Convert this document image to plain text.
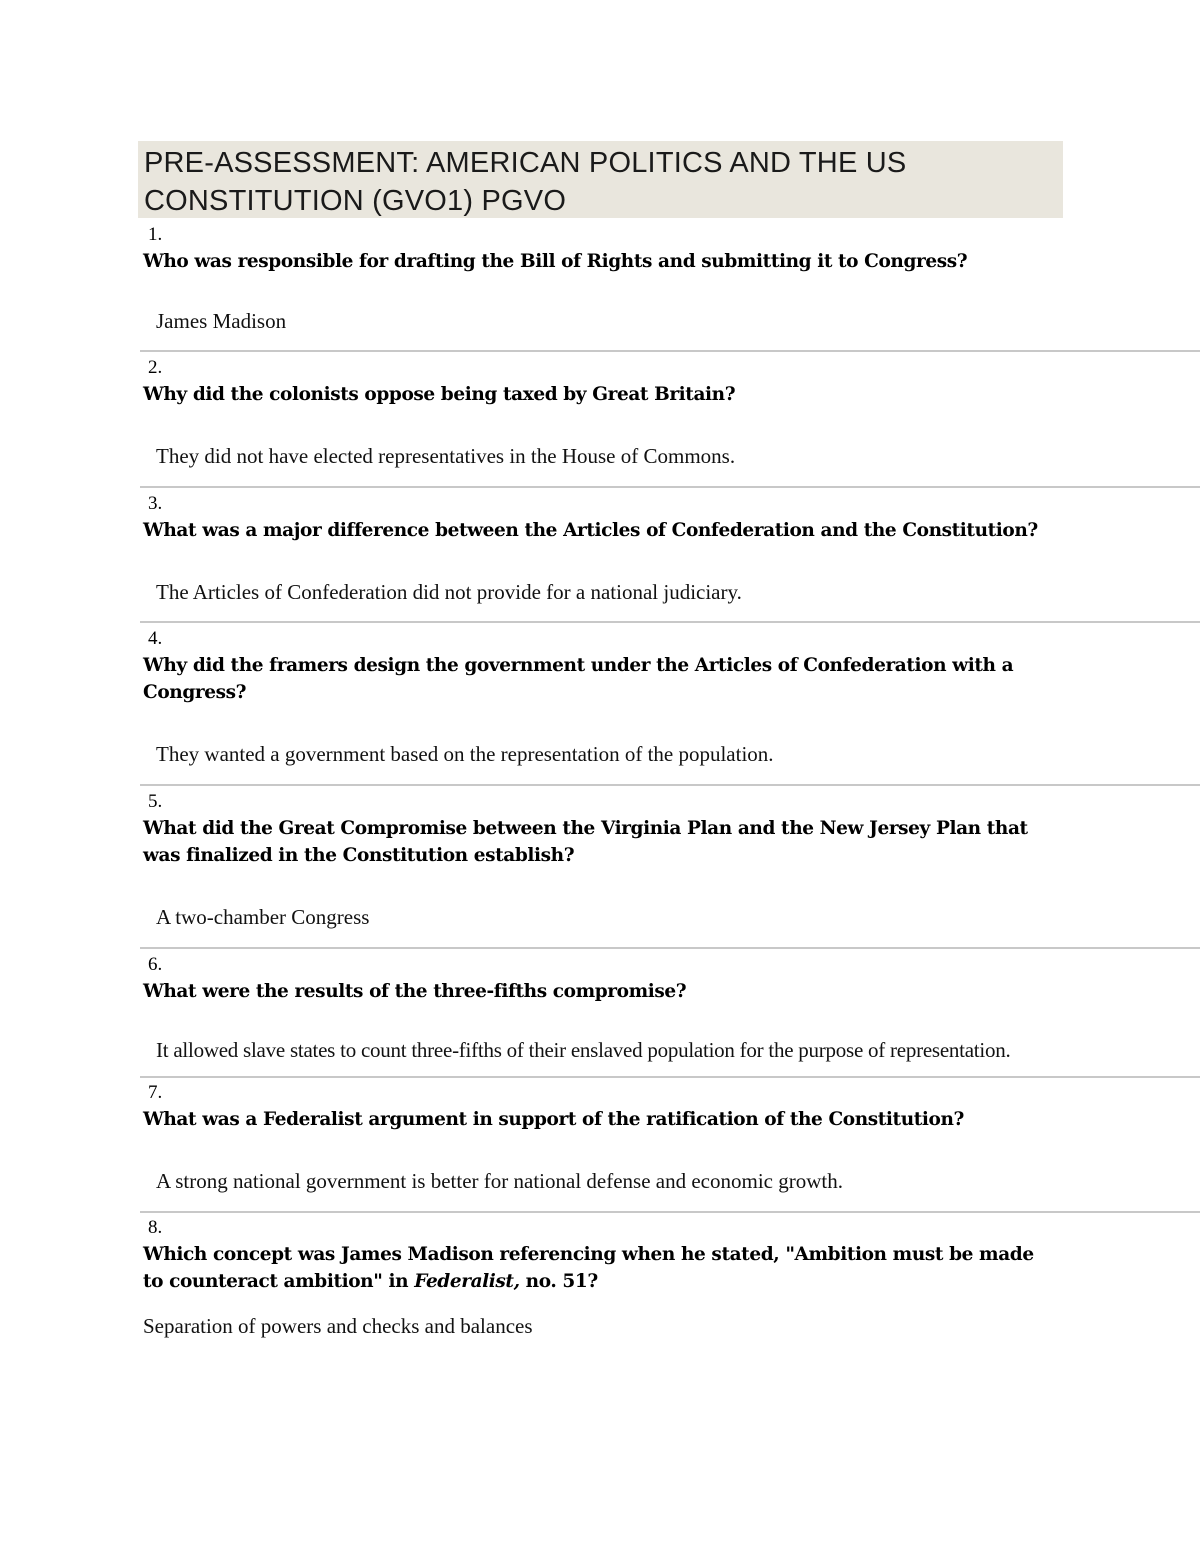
PRE-ASSESSMENT: AMERICAN POLITICS AND THE US CONSTITUTION (GVO1) PGVO
1.
Who was responsible for drafting the Bill of Rights and submitting it to Congress?
James Madison
2.
Why did the colonists oppose being taxed by Great Britain?
They did not have elected representatives in the House of Commons.
3.
What was a major difference between the Articles of Confederation and the Constitution?
The Articles of Confederation did not provide for a national judiciary.
4.
Why did the framers design the government under the Articles of Confederation with a Congress?
They wanted a government based on the representation of the population.
5.
What did the Great Compromise between the Virginia Plan and the New Jersey Plan that was finalized in the Constitution establish?
A two-chamber Congress
6.
What were the results of the three-fifths compromise?
It allowed slave states to count three-fifths of their enslaved population for the purpose of representation.
7.
What was a Federalist argument in support of the ratification of the Constitution?
A strong national government is better for national defense and economic growth.
8.
Which concept was James Madison referencing when he stated, "Ambition must be made to counteract ambition" in Federalist, no. 51?
Separation of powers and checks and balances
